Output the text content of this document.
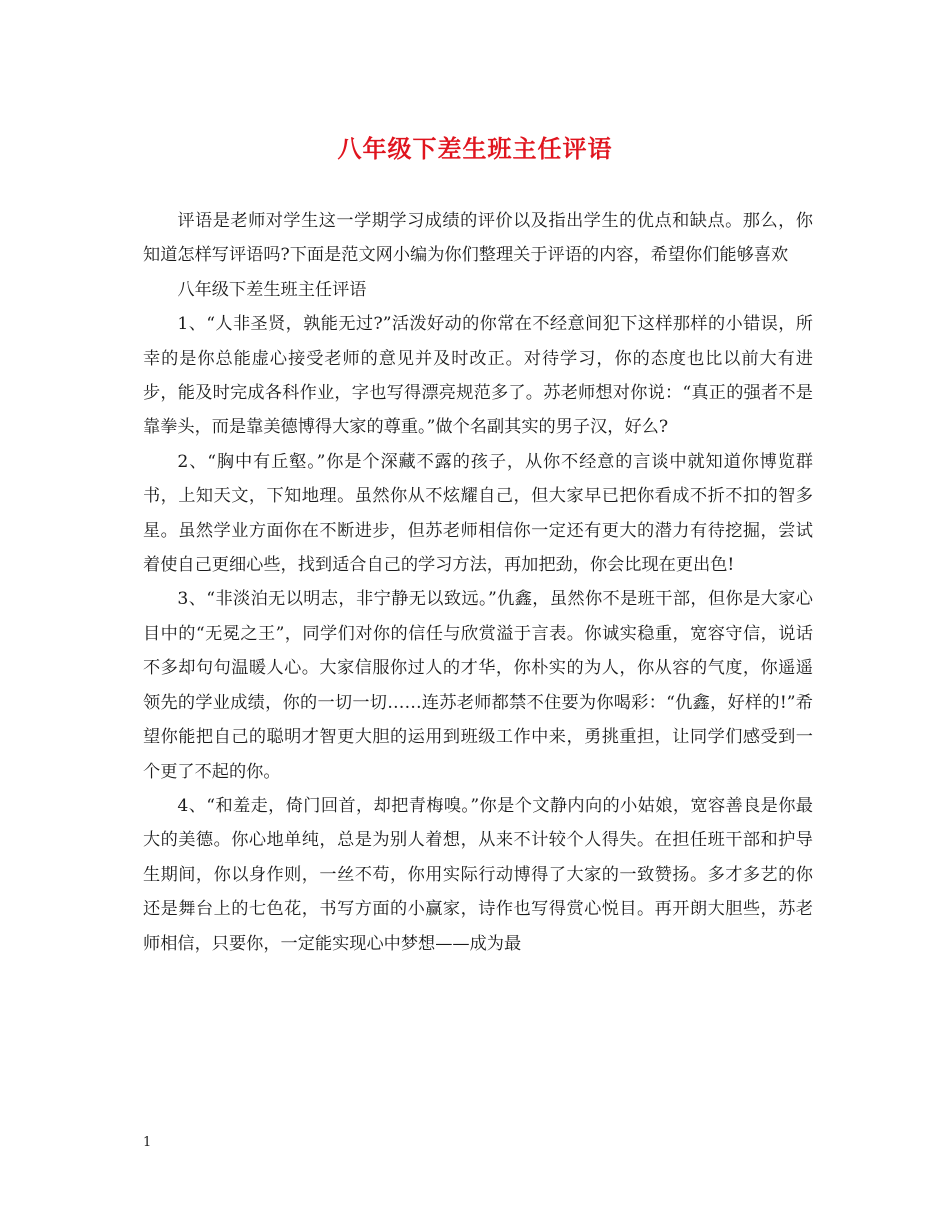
八年级下差生班主任评语

评语是老师对学生这一学期学习成绩的评价以及指出学生的优点和缺点。那么，你知道怎样写评语吗?下面是范文网小编为你们整理关于评语的内容，希望你们能够喜欢

八年级下差生班主任评语

1、“人非圣贤，孰能无过?”活泼好动的你常在不经意间犯下这样那样的小错误，所幸的是你总能虚心接受老师的意见并及时改正。对待学习，你的态度也比以前大有进步，能及时完成各科作业，字也写得漂亮规范多了。苏老师想对你说：“真正的强者不是靠拳头，而是靠美德博得大家的尊重。”做个名副其实的男子汉，好么?

2、“胸中有丘壑。”你是个深藏不露的孩子，从你不经意的言谈中就知道你博览群书，上知天文，下知地理。虽然你从不炫耀自己，但大家早已把你看成不折不扣的智多星。虽然学业方面你在不断进步，但苏老师相信你一定还有更大的潜力有待挖掘，尝试着使自己更细心些，找到适合自己的学习方法，再加把劲，你会比现在更出色!

3、“非淡泊无以明志，非宁静无以致远。”仇鑫，虽然你不是班干部，但你是大家心目中的“无冕之王”，同学们对你的信任与欣赏溢于言表。你诚实稳重，宽容守信，说话不多却句句温暖人心。大家信服你过人的才华，你朴实的为人，你从容的气度，你遥遥领先的学业成绩，你的一切一切……连苏老师都禁不住要为你喝彩：“仇鑫，好样的!”希望你能把自己的聪明才智更大胆的运用到班级工作中来，勇挑重担，让同学们感受到一个更了不起的你。

4、“和羞走，倚门回首，却把青梅嗅。”你是个文静内向的小姑娘，宽容善良是你最大的美德。你心地单纯，总是为别人着想，从来不计较个人得失。在担任班干部和护导生期间，你以身作则，一丝不苟，你用实际行动博得了大家的一致赞扬。多才多艺的你还是舞台上的七色花，书写方面的小赢家，诗作也写得赏心悦目。再开朗大胆些，苏老师相信，只要你，一定能实现心中梦想——成为最

1
